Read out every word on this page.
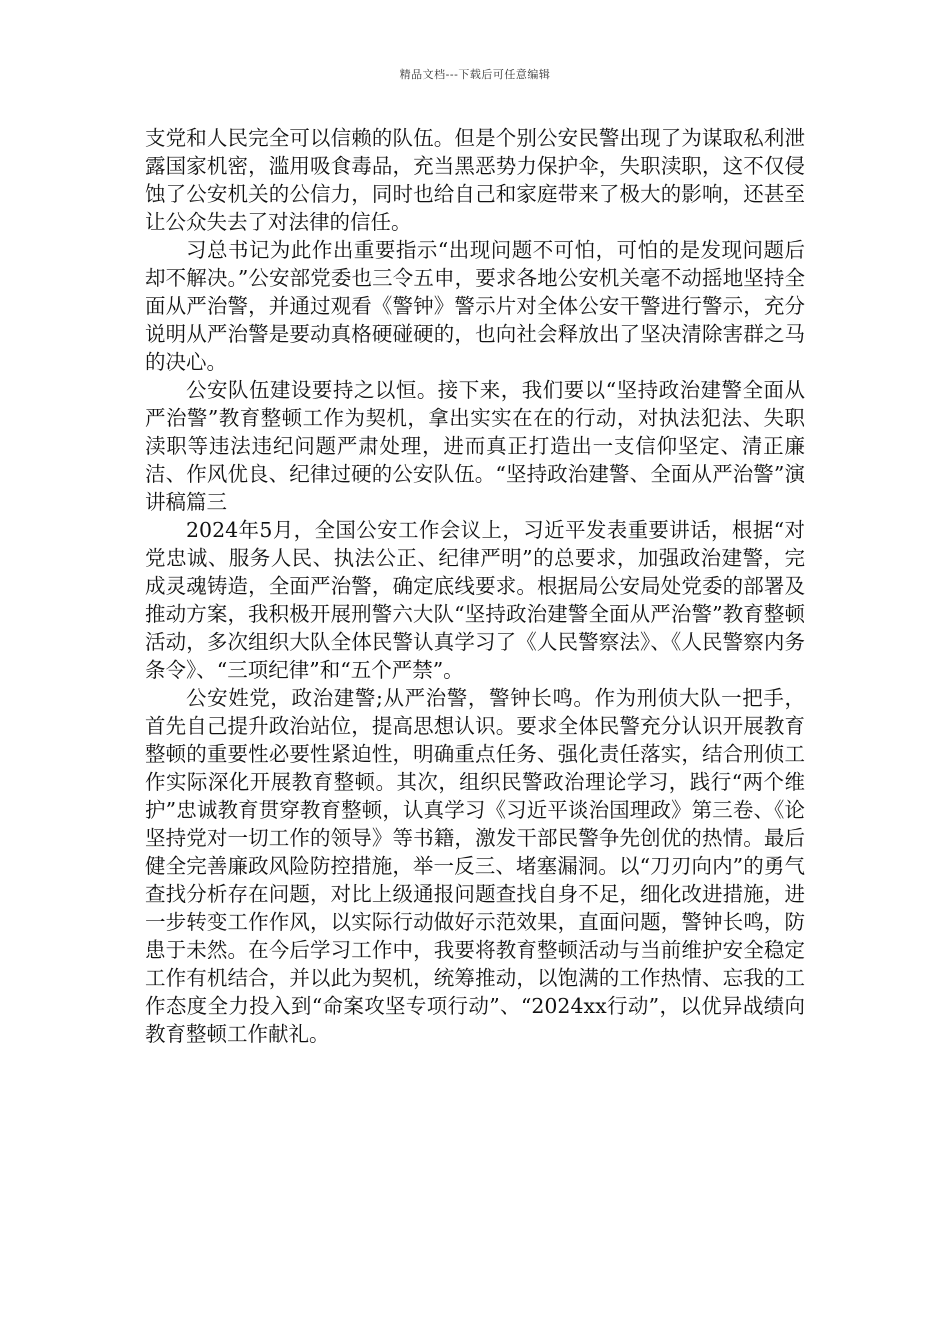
精品文档---下载后可任意编辑

支党和人民完全可以信赖的队伍。但是个别公安民警出现了为谋取私利泄露国家机密，滥用吸食毒品，充当黑恶势力保护伞，失职渎职，这不仅侵蚀了公安机关的公信力，同时也给自己和家庭带来了极大的影响，还甚至让公众失去了对法律的信任。

习总书记为此作出重要指示“出现问题不可怕，可怕的是发现问题后却不解决。”公安部党委也三令五申，要求各地公安机关毫不动摇地坚持全面从严治警，并通过观看《警钟》警示片对全体公安干警进行警示，充分说明从严治警是要动真格硬碰硬的，也向社会释放出了坚决清除害群之马的决心。

公安队伍建设要持之以恒。接下来，我们要以“坚持政治建警全面从严治警”教育整顿工作为契机，拿出实实在在的行动，对执法犯法、失职渎职等违法违纪问题严肃处理，进而真正打造出一支信仰坚定、清正廉洁、作风优良、纪律过硬的公安队伍。“坚持政治建警、全面从严治警”演讲稿篇三

2024年5月，全国公安工作会议上，习近平发表重要讲话，根据“对党忠诚、服务人民、执法公正、纪律严明”的总要求，加强政治建警，完成灵魂铸造，全面严治警，确定底线要求。根据局公安局处党委的部署及推动方案，我积极开展刑警六大队“坚持政治建警全面从严治警”教育整顿活动，多次组织大队全体民警认真学习了《人民警察法》、《人民警察内务条令》、“三项纪律”和“五个严禁”。

公安姓党，政治建警;从严治警，警钟长鸣。作为刑侦大队一把手，首先自己提升政治站位，提高思想认识。要求全体民警充分认识开展教育整顿的重要性必要性紧迫性，明确重点任务、强化责任落实，结合刑侦工作实际深化开展教育整顿。其次，组织民警政治理论学习，践行“两个维护”忠诚教育贯穿教育整顿，认真学习《习近平谈治国理政》第三卷、《论坚持党对一切工作的领导》等书籍，激发干部民警争先创优的热情。最后健全完善廉政风险防控措施，举一反三、堵塞漏洞。以“刀刃向内”的勇气查找分析存在问题，对比上级通报问题查找自身不足，细化改进措施，进一步转变工作作风，以实际行动做好示范效果，直面问题，警钟长鸣，防患于未然。在今后学习工作中，我要将教育整顿活动与当前维护安全稳定工作有机结合，并以此为契机，统筹推动，以饱满的工作热情、忘我的工作态度全力投入到“命案攻坚专项行动”、“2024xx行动”，以优异战绩向教育整顿工作献礼。
